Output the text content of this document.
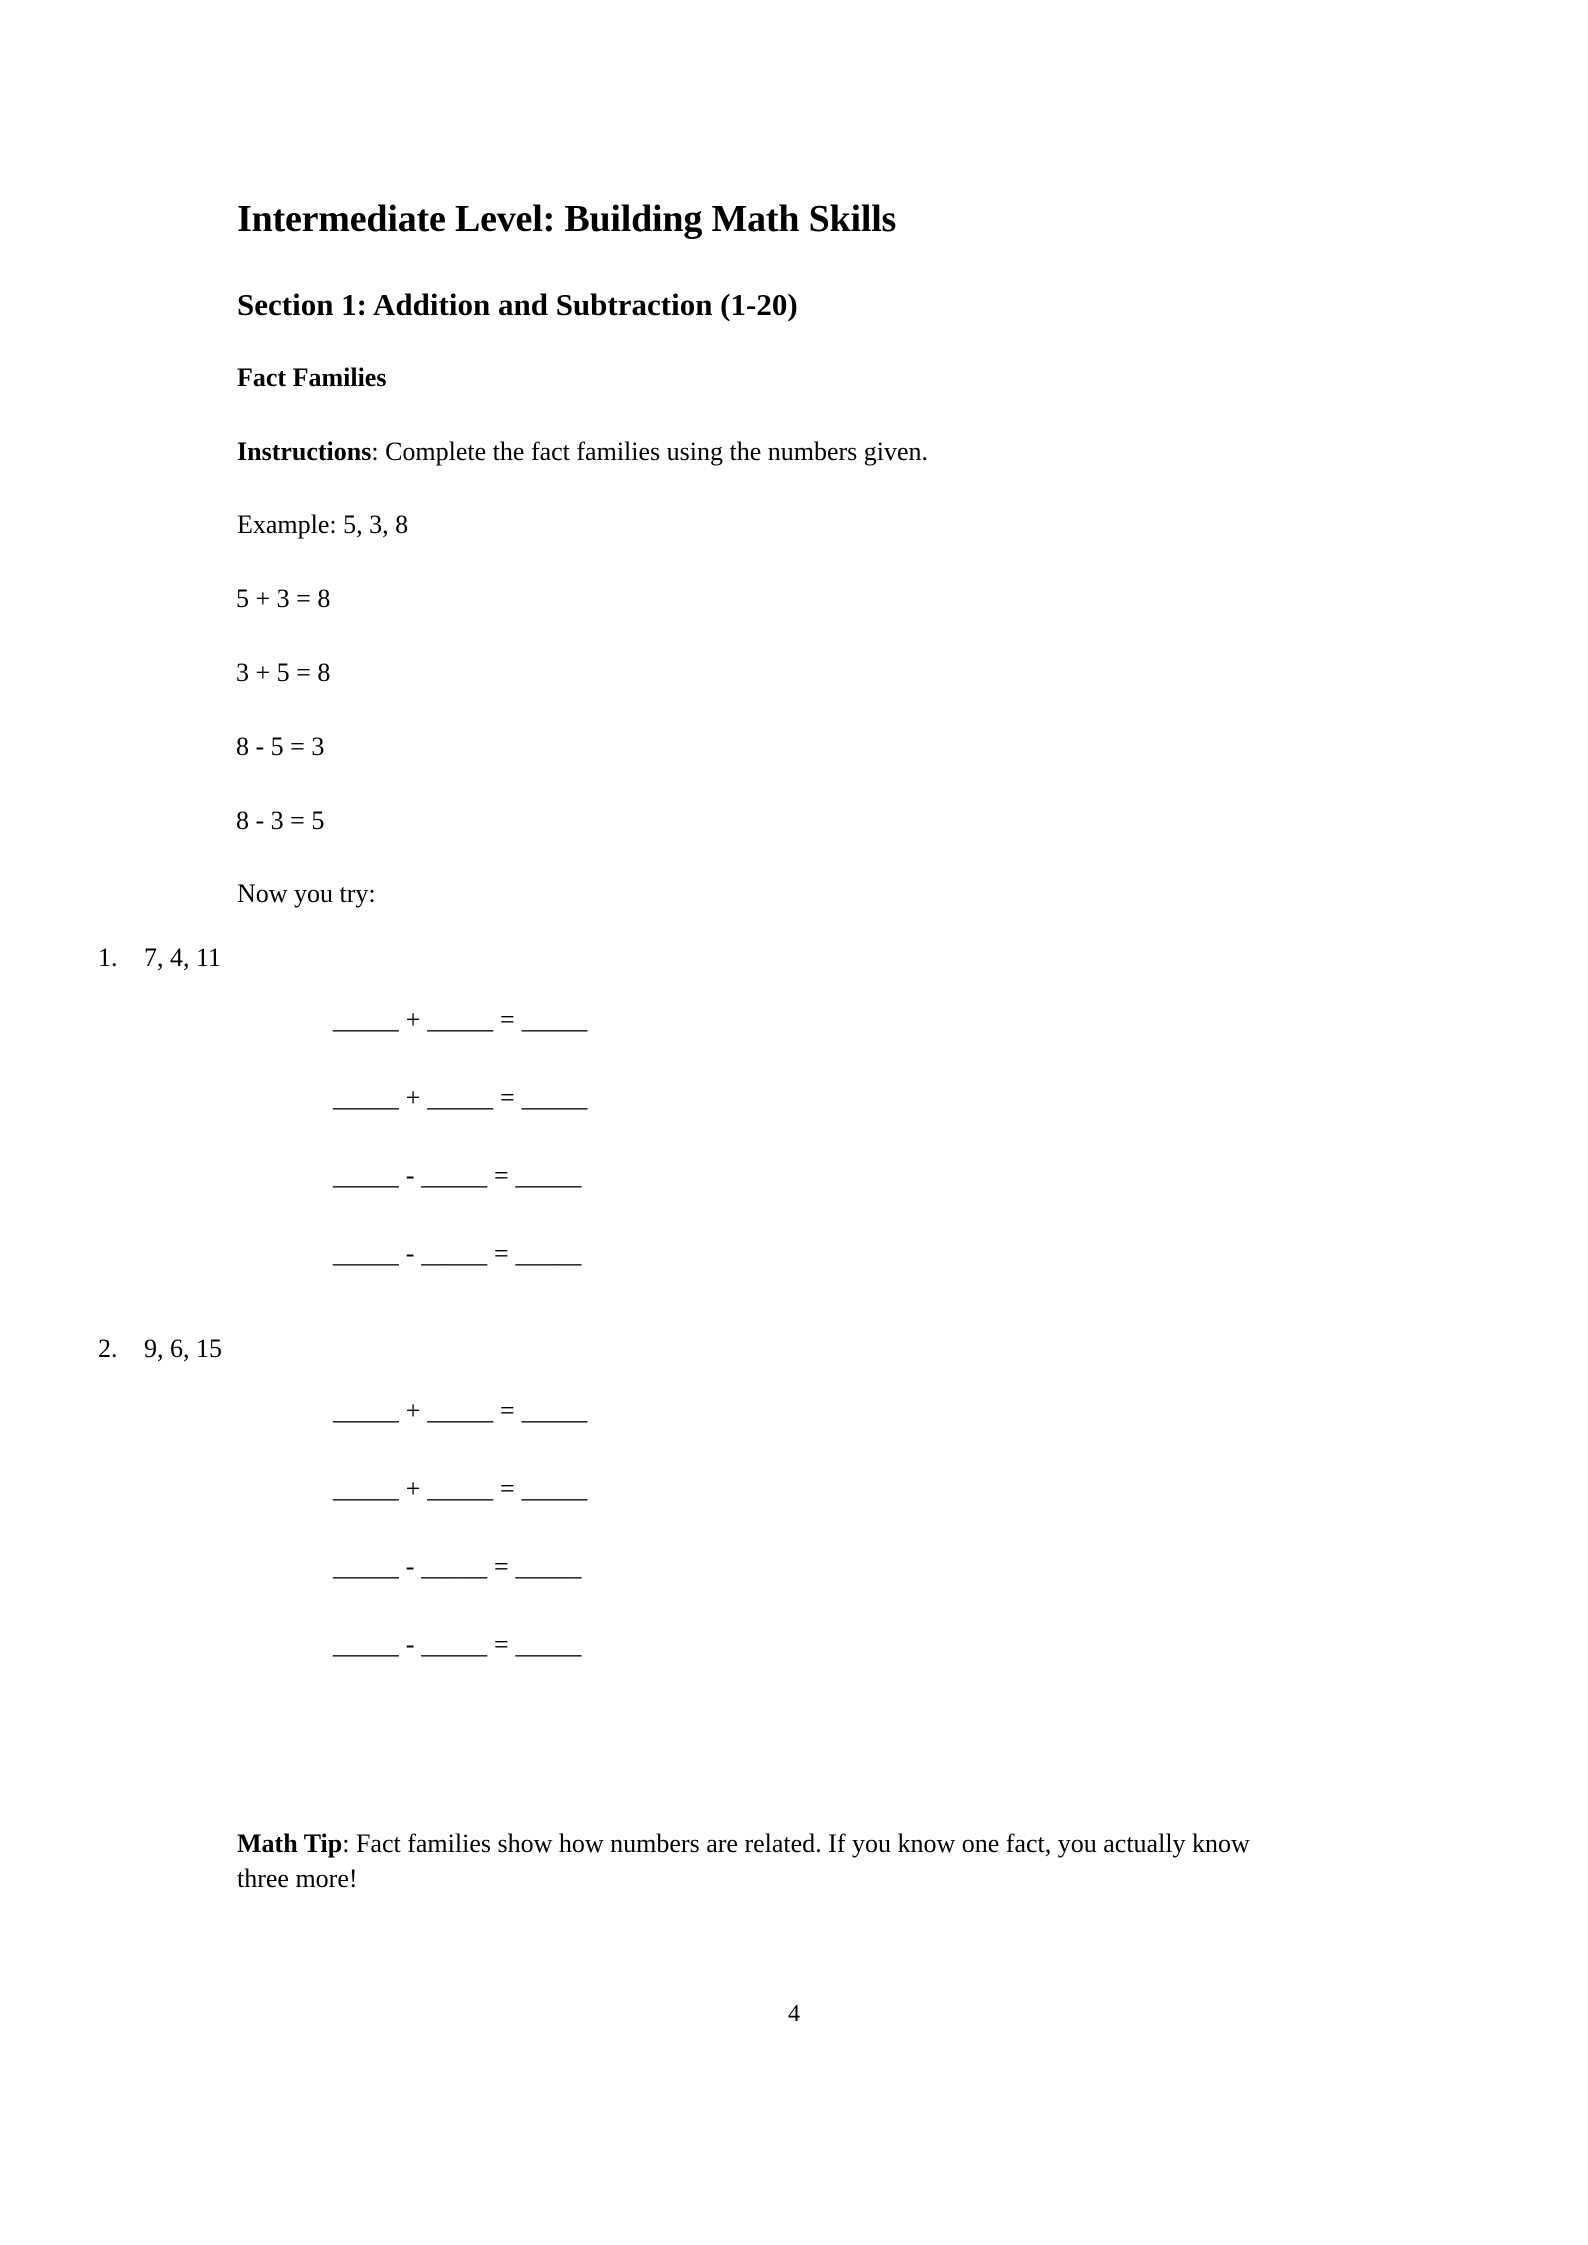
Intermediate Level: Building Math Skills
Section 1: Addition and Subtraction (1-20)
Fact Families

Instructions: Complete the fact families using the numbers given.

Example: 5, 3, 8

5 + 3 = 8

3 + 5 = 8

8 - 5 = 3

8 - 3 = 5

Now you try:

1. 7, 4, 11
_____ + _____ = _____
_____ + _____ = _____
_____ - _____ = _____
_____ - _____ = _____
2. 9, 6, 15
_____ + _____ = _____
_____ + _____ = _____
_____ - _____ = _____
_____ - _____ = _____

Math Tip: Fact families show how numbers are related. If you know one fact, you actually know three more!

4
